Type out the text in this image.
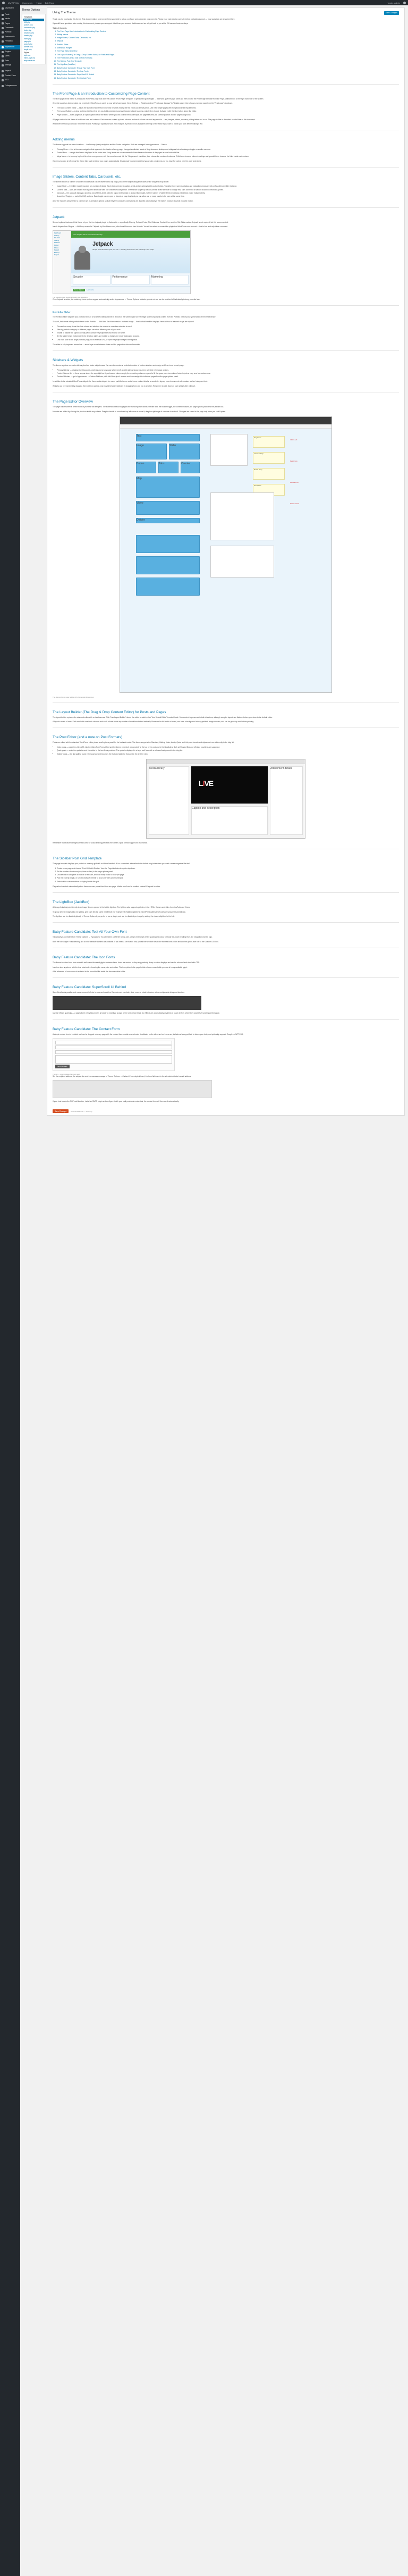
My WP Site Comments + New Edit Page	Howdy, admin
Dashboard
Posts
Media
Pages
Comments
Portfolio
Testimonials
Feedback
Appearance
Plugins
Users
Tools
Settings
Jetpack
Contact Form
SEO
Collapse menu
Theme Options
Templates
readme.txt
404.php
archive.php
comments.php
footer.php
functions.php
header.php
index.php
page.php
search.php
sidebar.php
single.php
Styles
style.css
editor-style.css
responsive.css
Using The Theme	Save Changes

Thank you for purchasing this theme. This documentation covers everything you need to set up, configure and customize your new site. Please read each section carefully before contacting support — most questions are answered here.

If you still have questions after reading this document, please open a support ticket from your account dashboard and we will get back to you within 24 hours on business days.

Table of Contents
1. The Front Page & an Introduction to Customizing Page Content
2. Adding menus
3. Image Sliders, Content Tabs, Carousels, etc.
4. Jetpack
5. Portfolio Slider
6. Sidebars & Widgets
7. The Page Editor Overview
8. The Layout Builder (The Drag & Drop Content Editor) for Posts and Pages
9. The Post Editor (and a note on Post Formats)
10. The Sidebar Post Grid Template
11. The LightBox (JackBox)
12. Baby Feature Candidate: Test All Your Own Font
13. Baby Feature Candidate: The Icon Fonts
14. Baby Feature Candidate: SuperScroll UI Behind
15. Baby Feature Candidate: The Contact Form
The Front Page & an Introduction to Customizing Page Content

The front page of this theme is a standard WordPress page that uses the custom "Front Page" template. To get started go to Pages → Add New, give the page a title and then choose the Front Page template from the Page Attributes box on the right hand side of the screen.

Once the page has been created you need to tell WordPress to use it as your site's home page. Go to Settings → Reading and set "Front page displays" to "A static page", then choose your new page from the "Front page" dropdown.

• The Basic Content Editor — this is the standard WordPress editor and behaves exactly like the editor you already know. Use it for simple pages with no special layout requirements.
• The Layout Builder — a drag and drop interface that lets you build complex responsive layouts without touching a single line of code. Activate it with the blue button above the editor.
• Page Options — every page has an options panel below the editor where you can control the header style, the page title area, the sidebar position and the page background.

All page content in this theme is built from rows and columns. Each row can contain up to six columns and each column can hold any module — text, images, sliders, counters, pricing tables and so on. The page builder is described in detail later in this document.

Whichever method you choose, remember to click Publish (or Update) to save your changes. A preview link is available at the top of the editor if you want to check your work before making it live.

Adding menus

The theme supports two menu locations — the Primary (main) navigation and the Footer navigation. Both are managed from Appearance → Menus.

• Primary Menu — this is the main navigation that appears in the header of every page. It supports unlimited levels of drop downs on desktop and collapses into a hamburger toggle on smaller screens.
• Footer Menu — a single level menu displayed in the footer area. Long labels are not recommended here because the menu is displayed as one horizontal line.
• Mega Menu — to turn any top level item into a mega menu, edit the menu item and tick the "Mega menu" checkbox, then choose the number of columns. Child items become column headings and grandchildren become the links inside each column.

If a menu location is left empty the theme falls back to listing your pages automatically. It is strongly recommended that you create a real menu so you have full control over the order and labels.

Image Sliders, Content Tabs, Carousels, etc.

The theme bundles a number of content modules that can be inserted into any page, post or text widget using shortcodes or the drag and drop builder.

• Image Slider — the slider module accepts any number of slides. Each slide can have a caption, a link and an optional call to action button. Transition type, speed, autoplay and navigation arrows are all configurable per slider instance.
• Content Tabs — tabs are created from a parent shortcode with one child shortcode per tab. The first tab is open by default; set the active attribute to change this. Tabs convert to a stacked accordion below 600 pixels.
• Carousel — the carousel displays a scrolling row of items and is ideal for logos, testimonials or product thumbnails. Set the number of visible items for desktop, tablet and phone independently.
• Accordion / Toggles — useful for FAQ sections. Each toggle can be open or closed on page load and you can allow one or many panels to be open at the same time.

All of the modules above share a common set of animation options so that they feel consistent. Animations are disabled automatically if the visitor's browser requests reduced motion.

Jetpack

Several optional features of this theme rely on the free Jetpack plugin by Automattic — specifically Sharing, Related Posts, Tiled Galleries, Contact Form and the Site Stats module. Jetpack is not required, but it is recommended.

Install Jetpack from Plugins → Add New, search for "Jetpack by WordPress.com", click Install Now and then Activate. You will be asked to connect the plugin to a WordPress.com account — this is free and only takes a moment.

Dashboard
Settings
Site Stats
Sharing
Publicize
Protect
Photon
Related
Backups
Support
Your Jetpack site is connected and ready.
Jetpack
Simple, powerful tools to grow your site — security, performance, and marketing in one plugin.
Security	Performance	Marketing
Set up Jetpack	Learn more
The Jetpack plugin welcome screen after activation.

Once Jetpack is active, the matching theme options appear automatically under Appearance → Theme Options. Modules you do not use can be switched off individually to keep your site lean.

Portfolio Slider

The Portfolio Slider displays your portfolio items in a full width rotating banner. It is built on the same engine as the image slider but pulls its content from the Portfolio custom post type instead of the media library.

To use it, first create a few portfolio items under Portfolio → Add New. Each item needs a featured image — this is what the slider displays. Items without a featured image are skipped.

• Choose how many items the slider shows and whether the newest or a random selection is used.
• Filter by portfolio category so different pages can show different parts of your work.
• Enable or disable the caption overlay which shows the project title and excerpt on hover.
• Set the slider height independently for desktop, tablet and mobile so images are never awkwardly cropped.
• Link each slide to the single portfolio page, to an external URL, or open the project image in the lightbox.

The slider is fully keyboard accessible — arrow keys move between slides and the pagination dots are focusable.

Sidebars & Widgets

The theme registers one main sidebar plus four footer widget areas. You can also create an unlimited number of custom sidebars and assign a different one to each page.

• Primary Sidebar — displayed on blog posts, archives and on any page where a left or right sidebar layout has been selected in the page options.
• Footer Columns 1-4 — these appear above the copyright bar. If you leave a column empty the remaining columns expand to fill the space, so a two column footer is just as easy as a four column one.
• Custom Sidebars — go to Appearance → Custom Sidebars, click Add New, give it a name and then assign it to individual pages from the page options panel.

In addition to the standard WordPress widgets the theme adds widgets for recent portfolio items, social icons, contact details, a newsletter signup, recent comments with avatars and an Instagram feed.

Widgets can be reordered by dragging them within a sidebar, and moved between sidebars by dragging from one box to another. Remember to click Save on each widget after editing it.

The Page Editor Overview

The page editor screen is where most of your time will be spent. The screenshot below highlights the most important areas: the title field, the builder toggle, the content modules, the page options panel and the publish box.

Modules are added by clicking the plus icon inside any column. Drag the handle in a module's top left corner to move it; drag the right edge of a column to resize it. Changes are saved to the page only when you click Update.

Text
Image	Slider
Button	Tabs	Counter
Map
Video
Divider
Drag handle
Column settings
Module library
Row options
Click to edit
Resize here
Duplicate row
Delete module
The drag and drop page builder with the module library open.
The Layout Builder (The Drag & Drop Content Editor) for Posts and Pages

The layout builder replaces the standard editor with a visual canvas. Click "Use Layout Builder" above the editor to switch; click "Use Default Editor" to switch back. Your content is preserved in both directions, although complex layouts are flattened when you return to the default editor.

A layout is made of rows. Each row holds one to six columns and each column holds any number of modules stacked vertically. Rows can be full width or boxed, can have a background colour, gradient, image or video, and can be given top and bottom padding.

The Post Editor (and a note on Post Formats)

Posts are edited with the standard WordPress editor plus a small options panel for the featured media. The theme supports the Standard, Gallery, Video, Audio, Quote and Link post formats and styles each one differently in the blog list.

• Video posts — paste the video URL into the Video Post Format field and the theme embeds it responsively at the top of the post and in the blog listing. Both self hosted files and oEmbed providers are supported.
• Quote posts — enter the quotation and the author in the two fields provided. The quote is displayed in a large serif face with a coloured background in the blog list.
• Gallery posts — the first gallery found in the post content becomes the featured slider for that post in the archive view.
Media library
LIVE
Attachment details
Caption and description

Remember that featured images are still used for social sharing previews even when a post format supplies its own media.

The Sidebar Post Grid Template

This page template displays your posts in a masonry grid with a sidebar beside it. It is a convenient alternative to the default blog index when you want a more magazine-like feel.

1. Create a new page and choose "Post Grid with Sidebar" from the Page Attributes template dropdown.
2. Set the number of columns (two, three or four) in the page options panel.
3. Choose which categories to include or exclude, and how many posts to show per page.
4. Pick the excerpt length, or turn excerpts off entirely to show only titles and thumbnails.
5. Select which custom sidebar to display beside the grid.

Pagination is added automatically when there are more posts than fit on one page. Infinite scroll can be enabled instead if Jetpack is active.

The LightBox (JackBox)

All image links that point directly to an image file are opened in the built in lightbox. The lightbox also supports galleries, inline HTML, iframes and video from YouTube and Vimeo.

To group several images into one gallery, give each link the same rel attribute, for example rel="lightbox[gallery1]". WordPress gallery shortcodes are grouped automatically.

The lightbox can be disabled globally in Theme Options if you prefer to use a plugin, and can be disabled per image by adding the class nolightbox to the link.

Baby Feature Candidate: Test All Your Own Font

Typography is controlled from Theme Options → Typography. You can select a different family, size, weight, line height, letter spacing and colour for body text, each heading level, the navigation and the logo.

Both the full Google Fonts directory and a list of websafe families are available. If you need a self hosted font, upload the web font files to the theme's fonts folder and add the @font-face rule to the Custom CSS box.

Baby Feature Candidate: The Icon Fonts

The theme includes three icon sets with well over a thousand glyphs between them. Icons are vectors so they stay perfectly sharp on retina displays and can be coloured and sized with CSS.

Insert an icon anywhere with the icon shortcode, choosing the name, size and colour. The icon picker in the page builder shows a searchable preview of every available glyph.

A full reference of icon names is included in the icons.html file inside the documentation folder.

Baby Feature Candidate: SuperScroll UI Behind

SuperScroll adds parallax and reveal-on-scroll effects to rows and modules. Each element can fade, slide, zoom or rotate into view, with a configurable delay and duration.

Use the effects sparingly — a page where everything moves is harder to read than a page where one or two things do. Effects are automatically disabled on touch devices where they would hurt scrolling performance.

Baby Feature Candidate: The Contact Form

A simple contact form is included and can be dropped onto any page with the contact form module or shortcode. It validates on the client and on the server, includes a honeypot field to deter spam bots, and optionally supports Google reCAPTCHA.

Send Message
Thanks — your message has been sent.

Set the recipient address, the subject line and the success message in Theme Options → Contact. If no recipient is set, the form falls back to the site administrator's email address.

If your host blocks the PHP mail function, install an SMTP plugin and configure it with your mail provider's credentials; the contact form will then use it automatically.

Save Changes	Documentation file — read only
